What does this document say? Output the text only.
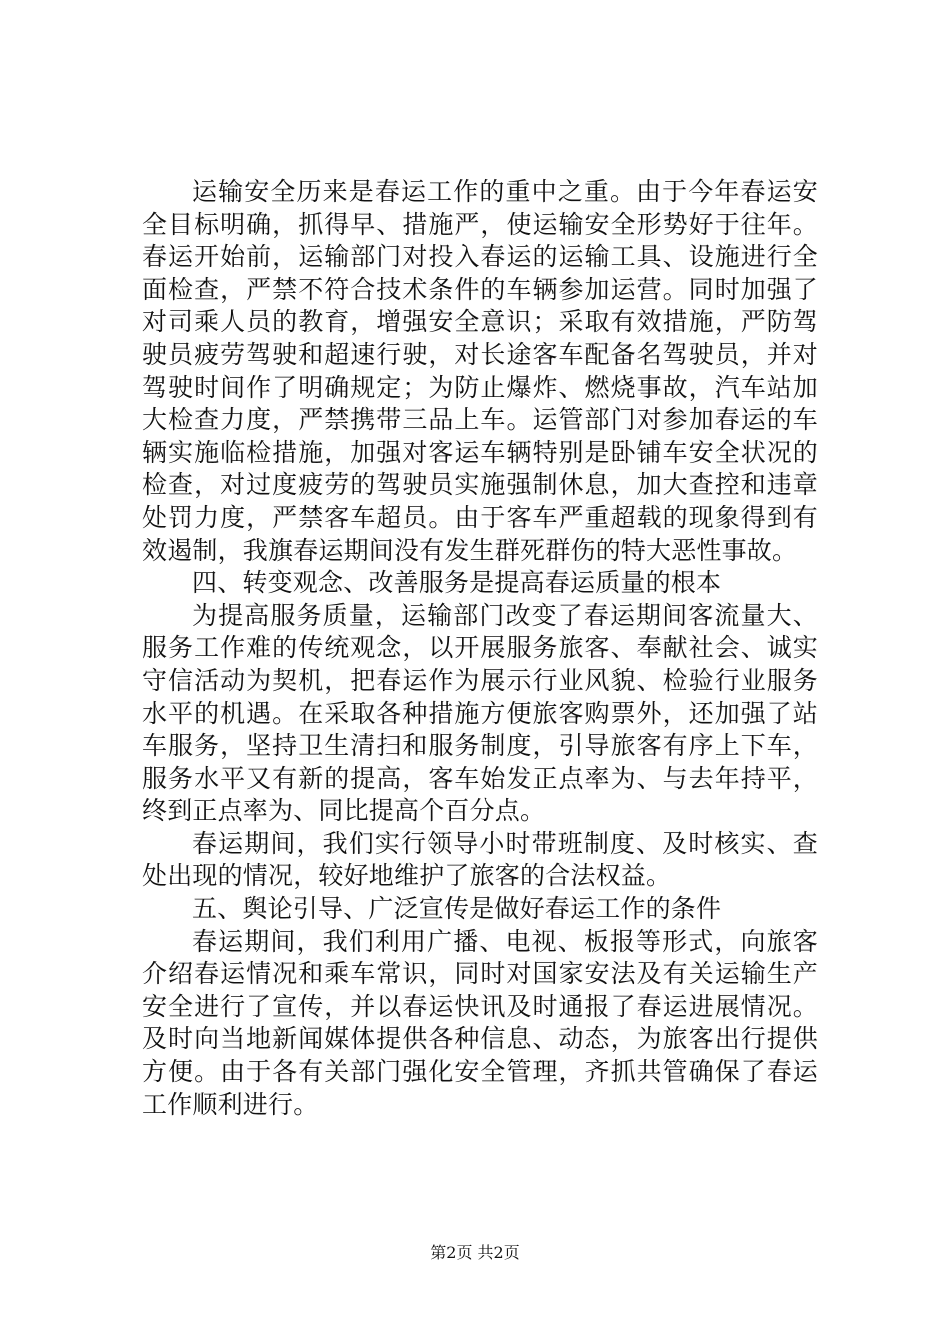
运输安全历来是春运工作的重中之重。由于今年春运安全目标明确，抓得早、措施严，使运输安全形势好于往年。春运开始前，运输部门对投入春运的运输工具、设施进行全面检查，严禁不符合技术条件的车辆参加运营。同时加强了对司乘人员的教育，增强安全意识；采取有效措施，严防驾驶员疲劳驾驶和超速行驶，对长途客车配备名驾驶员，并对驾驶时间作了明确规定；为防止爆炸、燃烧事故，汽车站加大检查力度，严禁携带三品上车。运管部门对参加春运的车辆实施临检措施，加强对客运车辆特别是卧铺车安全状况的检查，对过度疲劳的驾驶员实施强制休息，加大查控和违章处罚力度，严禁客车超员。由于客车严重超载的现象得到有效遏制，我旗春运期间没有发生群死群伤的特大恶性事故。

四、转变观念、改善服务是提高春运质量的根本

为提高服务质量，运输部门改变了春运期间客流量大、服务工作难的传统观念，以开展服务旅客、奉献社会、诚实守信活动为契机，把春运作为展示行业风貌、检验行业服务水平的机遇。在采取各种措施方便旅客购票外，还加强了站车服务，坚持卫生清扫和服务制度，引导旅客有序上下车，服务水平又有新的提高，客车始发正点率为、与去年持平，终到正点率为、同比提高个百分点。

春运期间，我们实行领导小时带班制度、及时核实、查处出现的情况，较好地维护了旅客的合法权益。

五、舆论引导、广泛宣传是做好春运工作的条件

春运期间，我们利用广播、电视、板报等形式，向旅客介绍春运情况和乘车常识，同时对国家安法及有关运输生产安全进行了宣传，并以春运快讯及时通报了春运进展情况。及时向当地新闻媒体提供各种信息、动态，为旅客出行提供方便。由于各有关部门强化安全管理，齐抓共管确保了春运工作顺利进行。

第2页 共2页
